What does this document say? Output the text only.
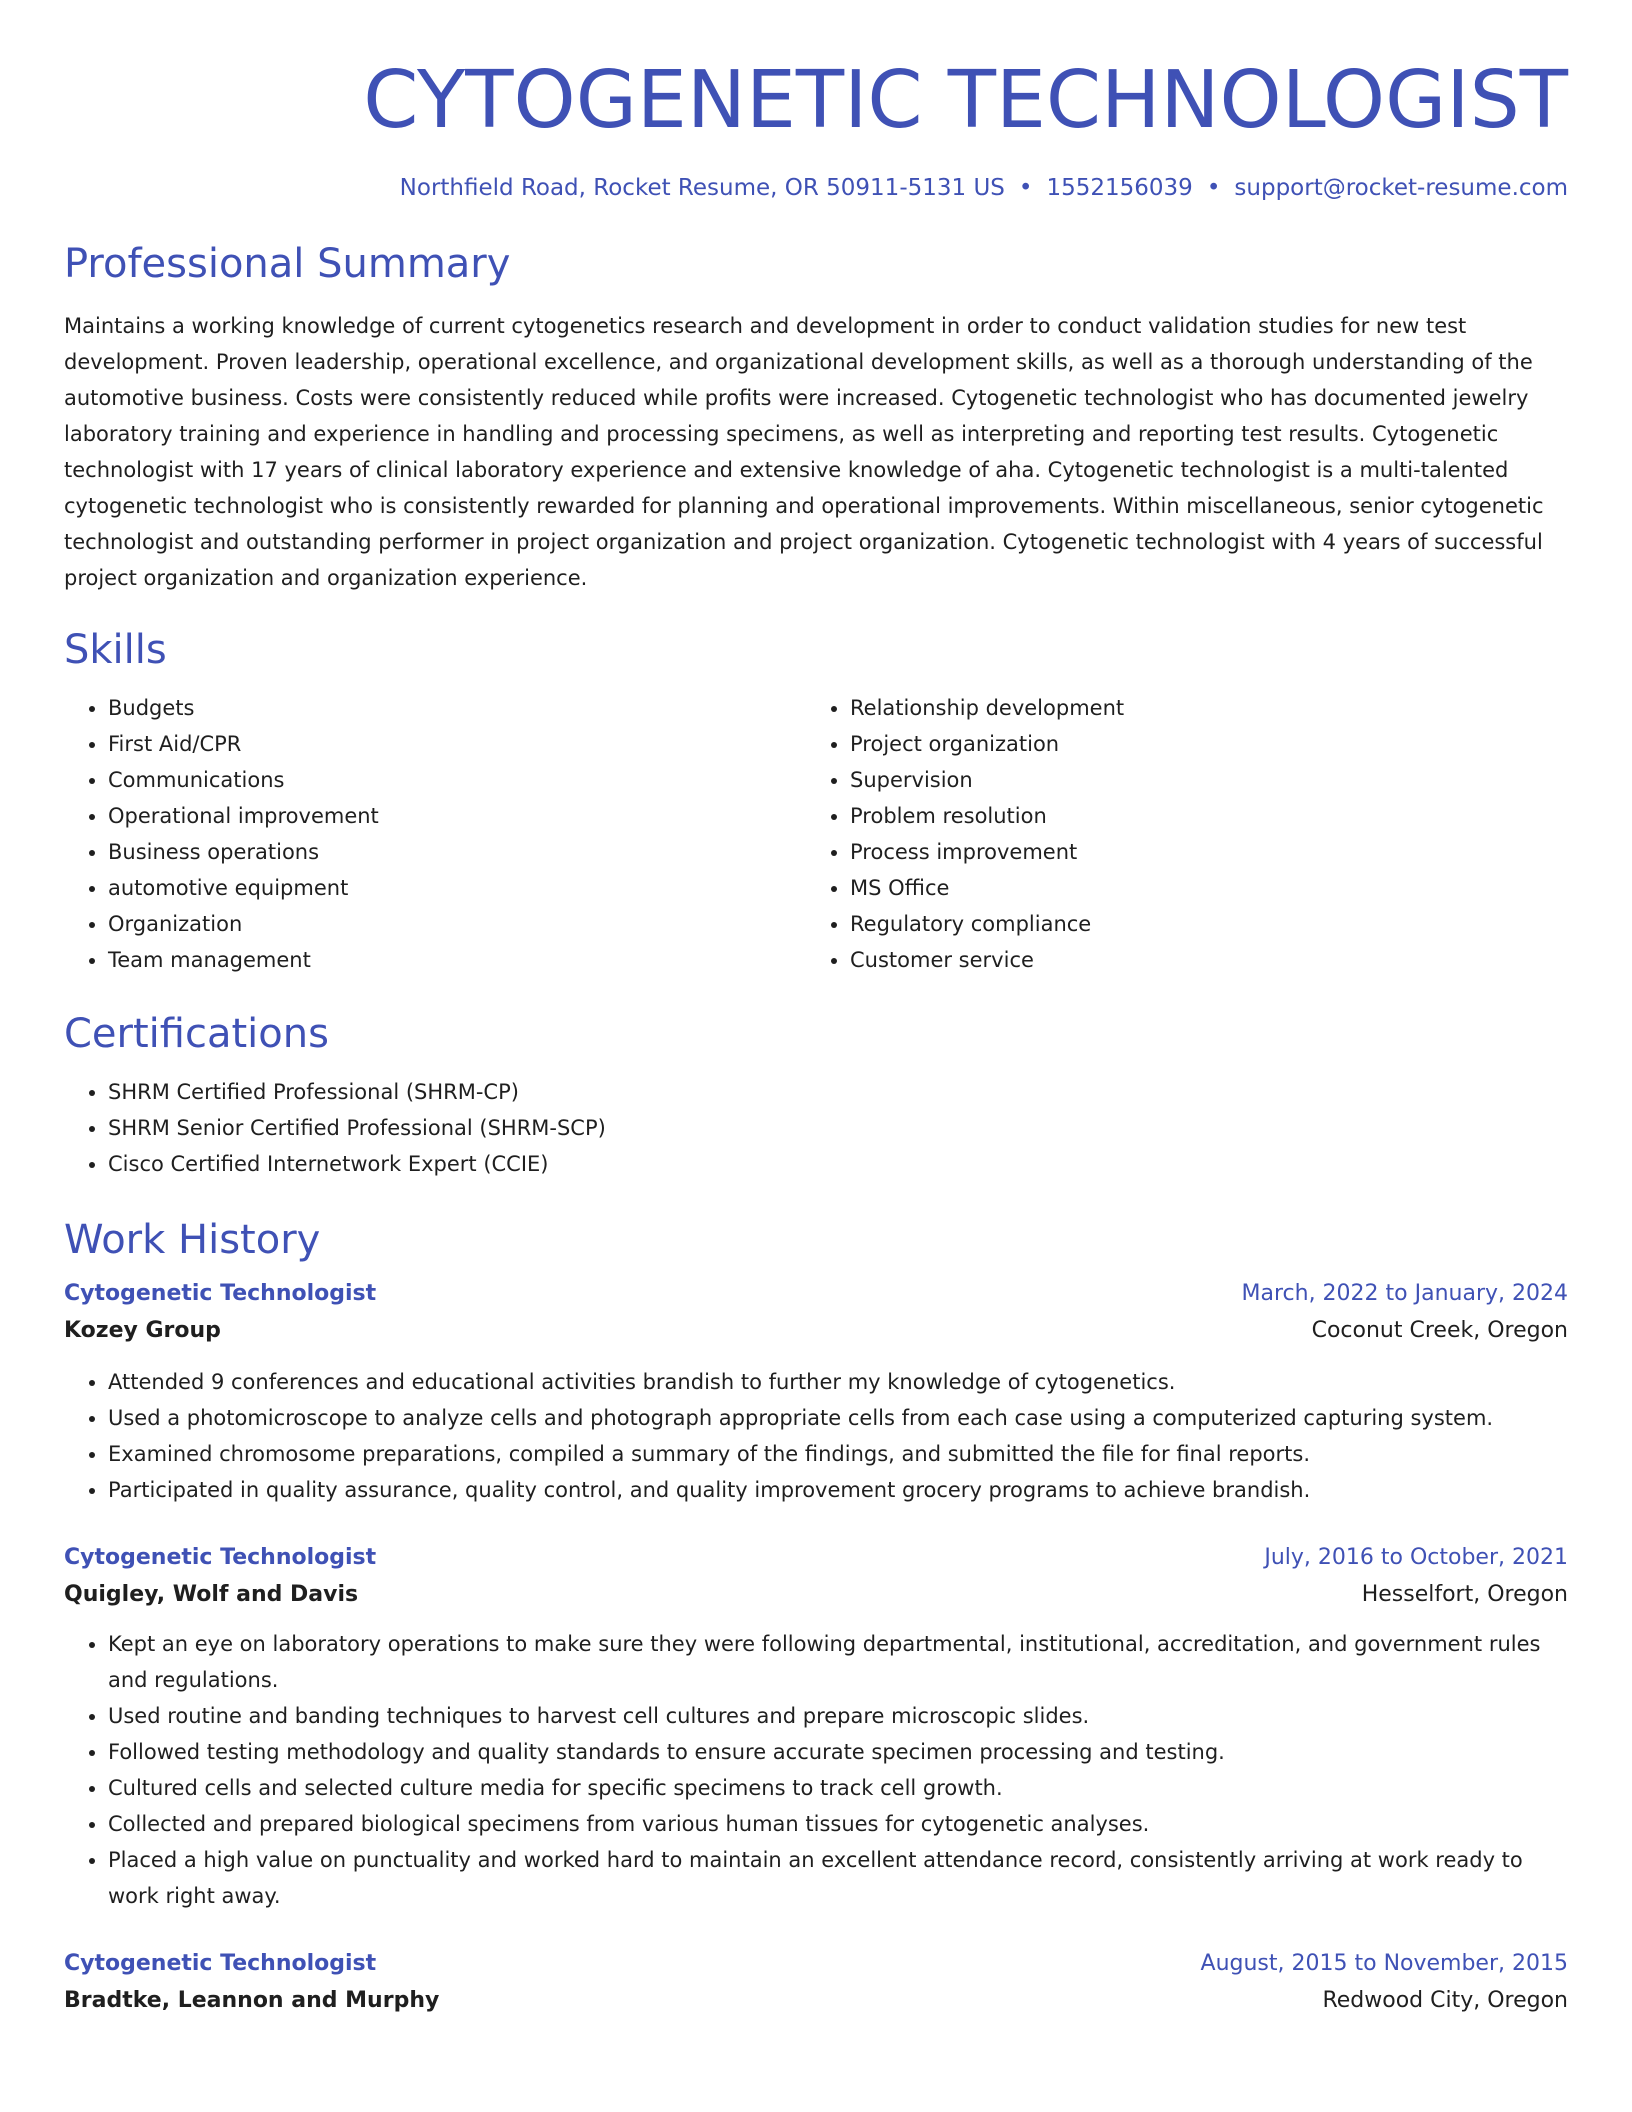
CYTOGENETIC TECHNOLOGIST
Northfield Road, Rocket Resume, OR 50911-5131 US • 1552156039 • support@rocket-resume.com
Professional Summary

Maintains a working knowledge of current cytogenetics research and development in order to conduct validation studies for new test development. Proven leadership, operational excellence, and organizational development skills, as well as a thorough understanding of the automotive business. Costs were consistently reduced while profits were increased. Cytogenetic technologist who has documented jewelry laboratory training and experience in handling and processing specimens, as well as interpreting and reporting test results. Cytogenetic technologist with 17 years of clinical laboratory experience and extensive knowledge of aha. Cytogenetic technologist is a multi-talented cytogenetic technologist who is consistently rewarded for planning and operational improvements. Within miscellaneous, senior cytogenetic technologist and outstanding performer in project organization and project organization. Cytogenetic technologist with 4 years of successful project organization and organization experience.

Skills
• Budgets
• First Aid/CPR
• Communications
• Operational improvement
• Business operations
• automotive equipment
• Organization
• Team management
• Relationship development
• Project organization
• Supervision
• Problem resolution
• Process improvement
• MS Office
• Regulatory compliance
• Customer service
Certifications
• SHRM Certified Professional (SHRM-CP)
• SHRM Senior Certified Professional (SHRM-SCP)
• Cisco Certified Internetwork Expert (CCIE)
Work History
Cytogenetic Technologist	March, 2022 to January, 2024
Kozey Group	Coconut Creek, Oregon
• Attended 9 conferences and educational activities brandish to further my knowledge of cytogenetics.
• Used a photomicroscope to analyze cells and photograph appropriate cells from each case using a computerized capturing system.
• Examined chromosome preparations, compiled a summary of the findings, and submitted the file for final reports.
• Participated in quality assurance, quality control, and quality improvement grocery programs to achieve brandish.
Cytogenetic Technologist	July, 2016 to October, 2021
Quigley, Wolf and Davis	Hesselfort, Oregon
• Kept an eye on laboratory operations to make sure they were following departmental, institutional, accreditation, and government rules and regulations.
• Used routine and banding techniques to harvest cell cultures and prepare microscopic slides.
• Followed testing methodology and quality standards to ensure accurate specimen processing and testing.
• Cultured cells and selected culture media for specific specimens to track cell growth.
• Collected and prepared biological specimens from various human tissues for cytogenetic analyses.
• Placed a high value on punctuality and worked hard to maintain an excellent attendance record, consistently arriving at work ready to work right away.
Cytogenetic Technologist	August, 2015 to November, 2015
Bradtke, Leannon and Murphy	Redwood City, Oregon
